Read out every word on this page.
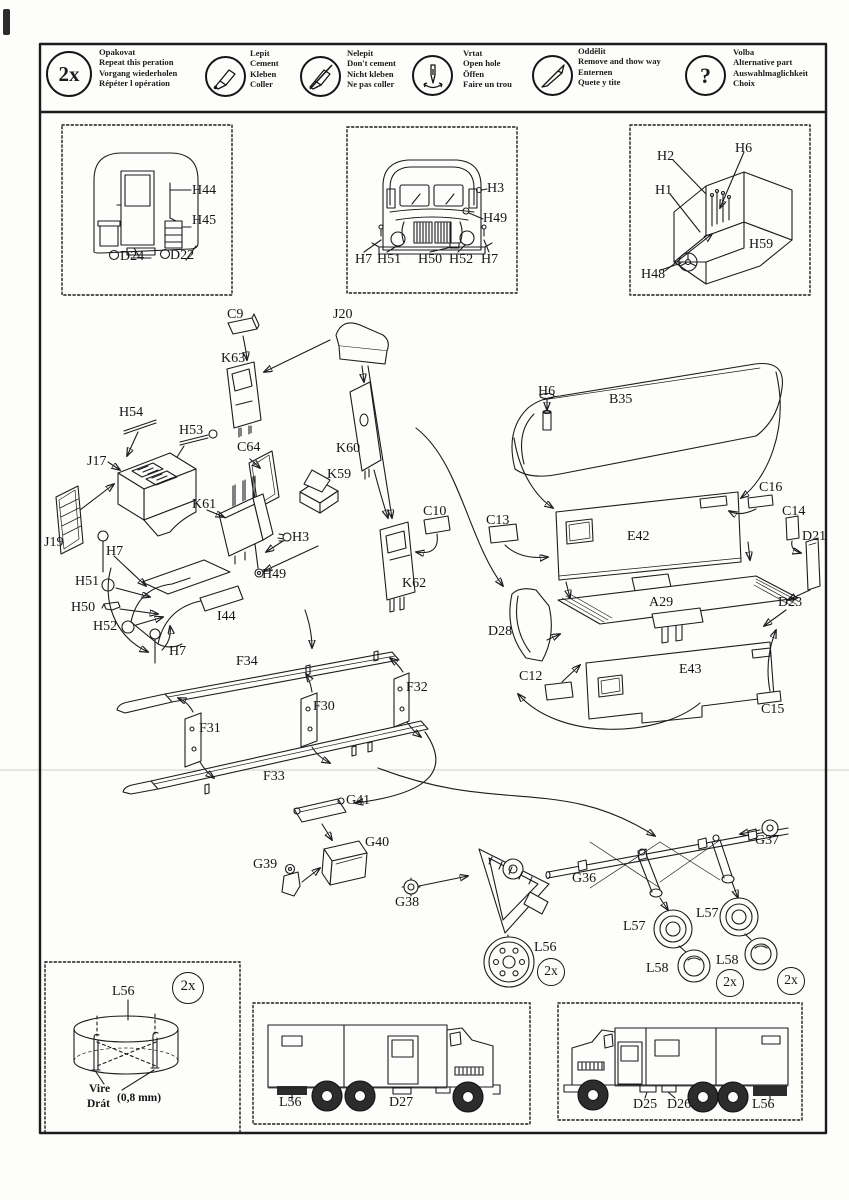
2x
Opakovat
Repeat this peration
Vorgang wiederholen
Répéter l opération
Lepit
Cement
Kleben
Coller
Nelepit
Don't cement
Nicht kleben
Ne pas coller
Vrtat
Open hole
Öffen
Faire un trou
Oddělit
Remove and thow way
Enternen
Quete y tite	?
Volba
Alternative part
Auswahlmaglichkeit
Choix
H44
H45
D24 D22
H3
H49
H7 H51 H50 H52 H7
H2
H6
H1
H48
H59
C9
K63
J20
K60
C64
K59
K61
H54
H53
J17
J19
H7
H51
H50
H52
H7
I44
H3
H49
C10
K62
C13
H6
B35
C16
C14
D21
E42
D28
A29	D23
C12	E43
C15
F34
F32
F30
F31
F33
G41
G40
G39
G38
G36
G37
L56
L57
L57
L58
L58
2x
2x	2x
L56	2x
Vire
Drát (0,8 mm)	L56	D27	D25 D26	L56
